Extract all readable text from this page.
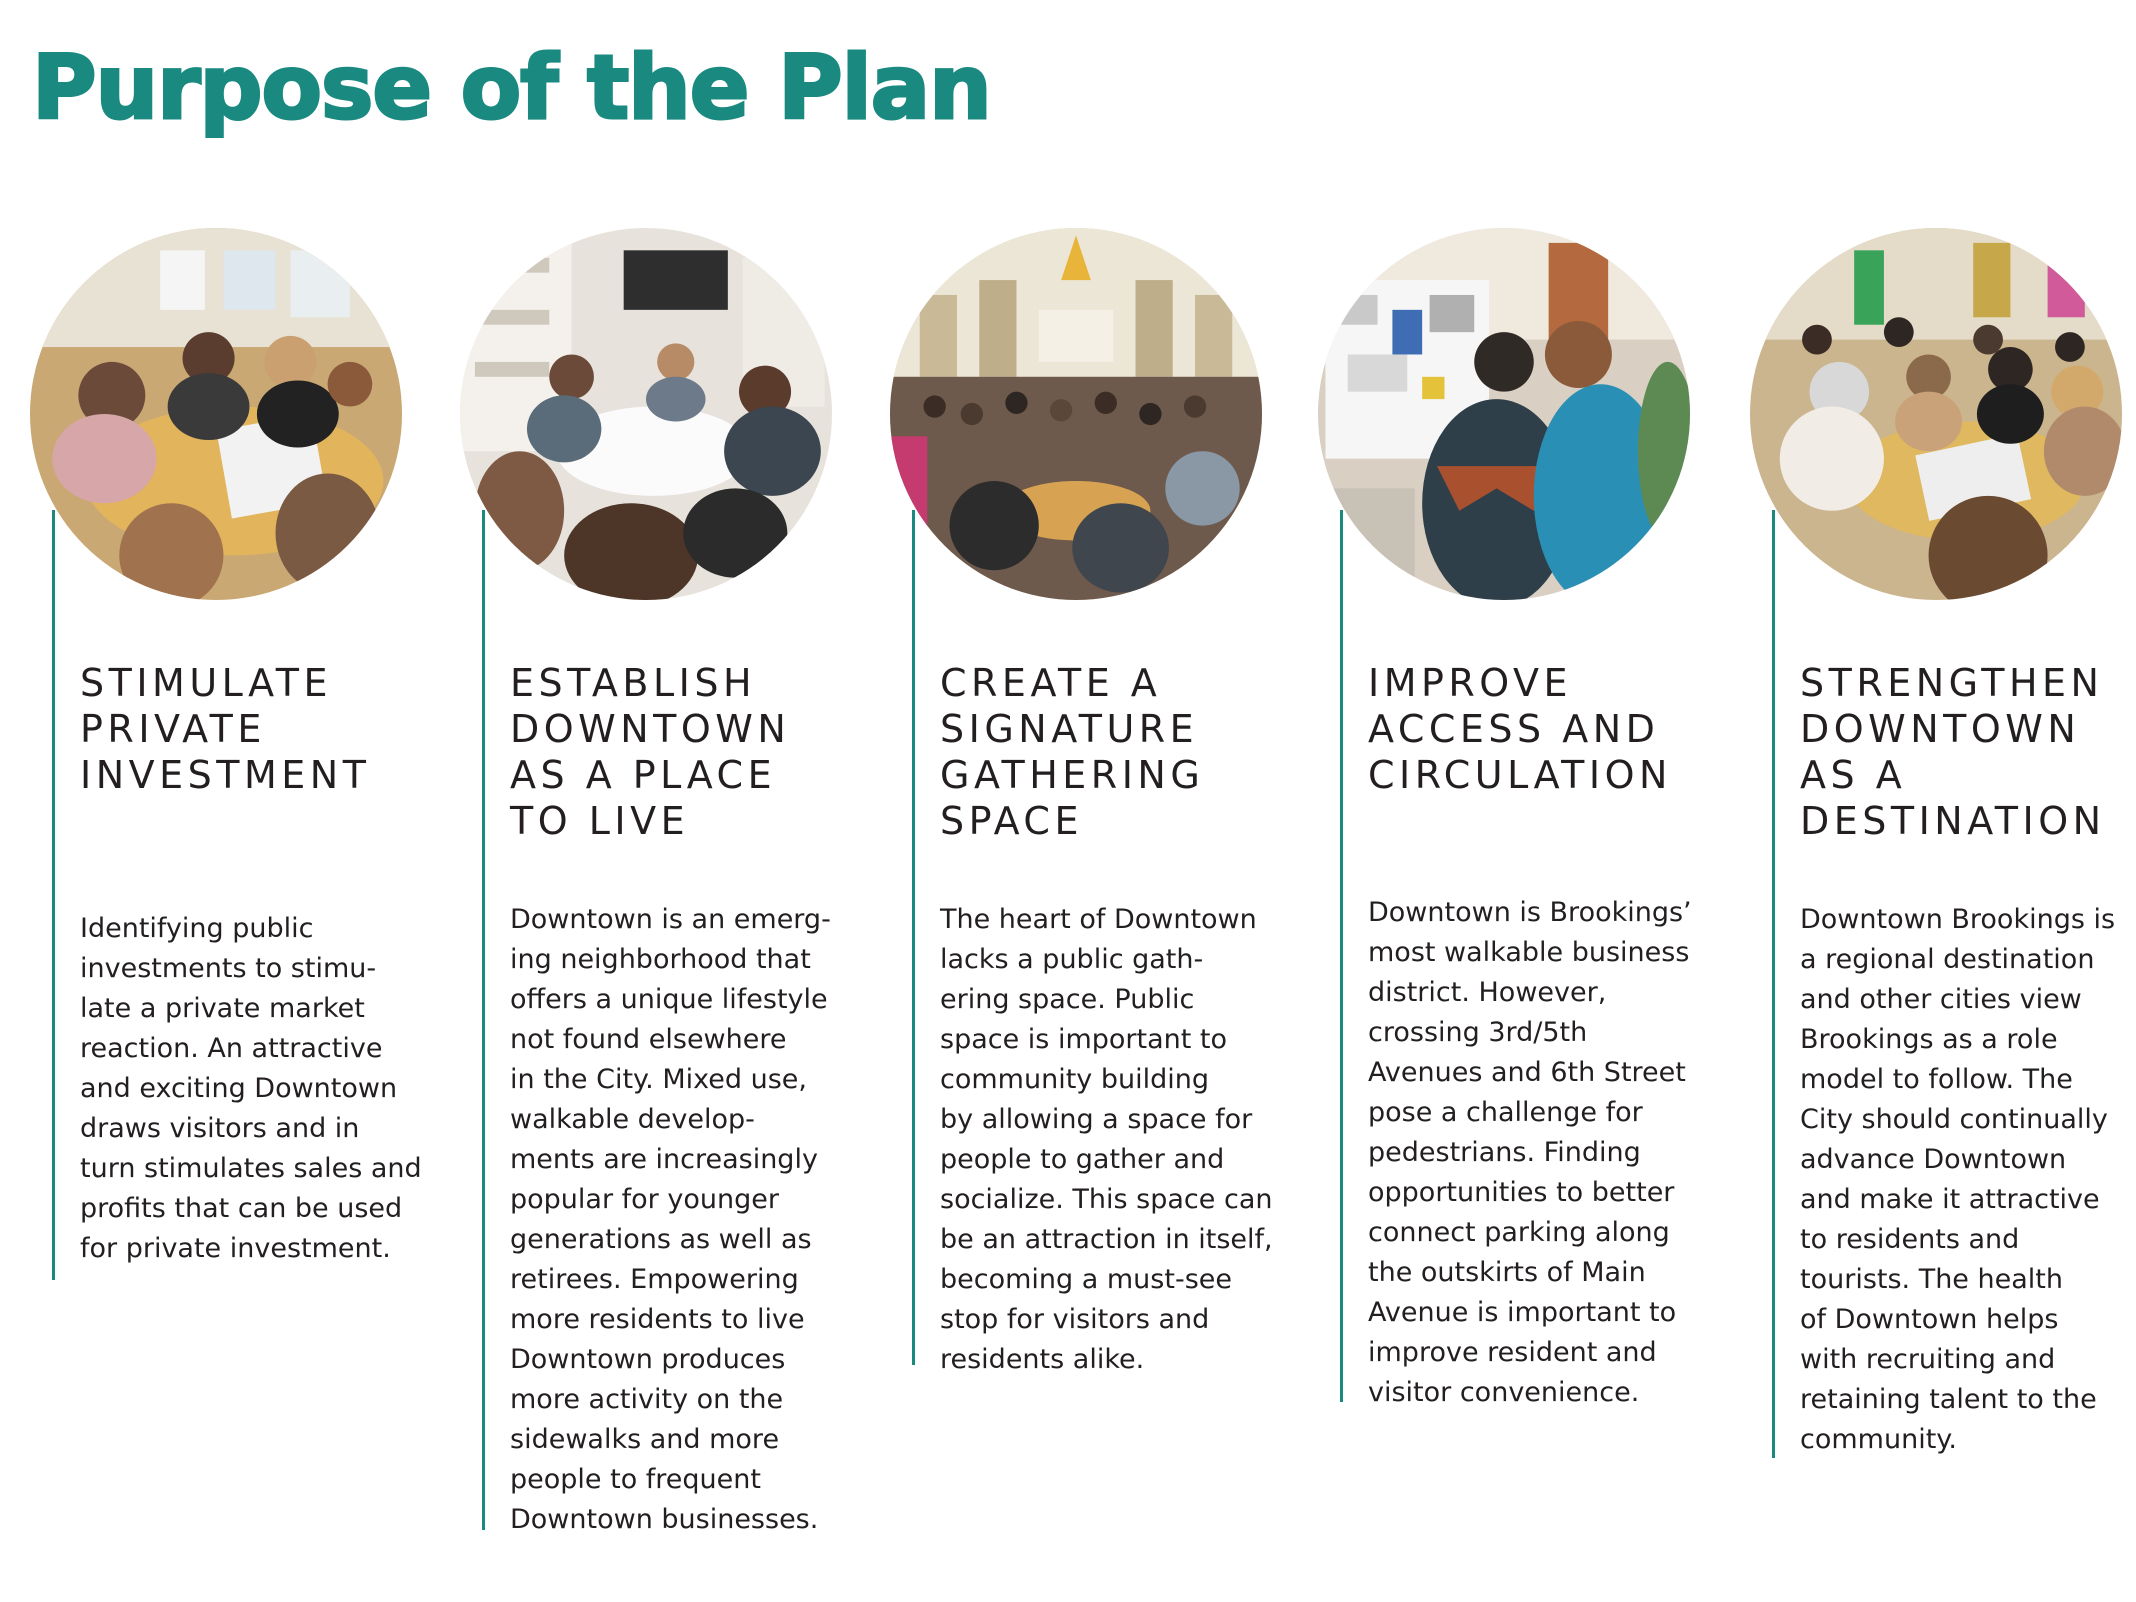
Purpose of the Plan
STIMULATE
PRIVATE
INVESTMENT

Identifying public
investments to stimu-
late a private market
reaction. An attractive
and exciting Downtown
draws visitors and in
turn stimulates sales and
profits that can be used
for private investment.

ESTABLISH
DOWNTOWN
AS A PLACE
TO LIVE

Downtown is an emerg-
ing neighborhood that
offers a unique lifestyle
not found elsewhere
in the City. Mixed use,
walkable develop-
ments are increasingly
popular for younger
generations as well as
retirees. Empowering
more residents to live
Downtown produces
more activity on the
sidewalks and more
people to frequent
Downtown businesses.

CREATE A
SIGNATURE
GATHERING
SPACE

The heart of Downtown
lacks a public gath-
ering space. Public
space is important to
community building
by allowing a space for
people to gather and
socialize. This space can
be an attraction in itself,
becoming a must-see
stop for visitors and
residents alike.

IMPROVE
ACCESS AND
CIRCULATION

Downtown is Brookings’
most walkable business
district. However,
crossing 3rd/5th
Avenues and 6th Street
pose a challenge for
pedestrians. Finding
opportunities to better
connect parking along
the outskirts of Main
Avenue is important to
improve resident and
visitor convenience.

STRENGTHEN
DOWNTOWN
AS A
DESTINATION

Downtown Brookings is
a regional destination
and other cities view
Brookings as a role
model to follow. The
City should continually
advance Downtown
and make it attractive
to residents and
tourists. The health
of Downtown helps
with recruiting and
retaining talent to the
community.
